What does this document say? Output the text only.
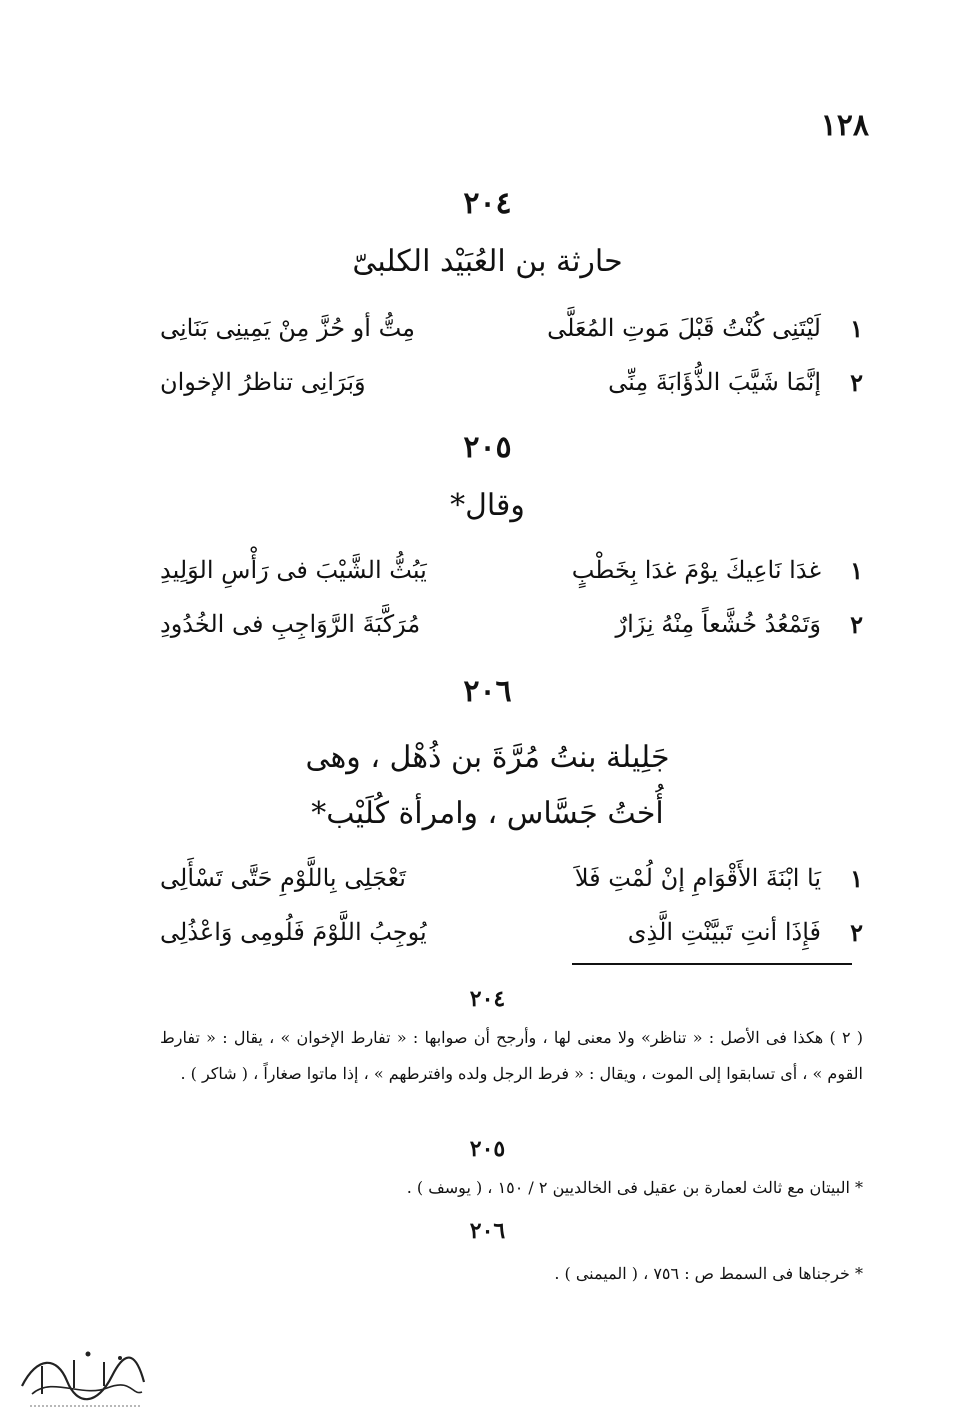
١٢٨
٢٠٤
حارثة بن العُبَيْد الكلبىّ
١
لَيْتَنِى كُنْتُ قَبْلَ مَوتِ المُعَلَّى
مِتُّ أو حُزَّ مِنْ يَمِينِى بَنَانِى
٢
إنَّمَا شَيَّبَ الذُّؤَابَةَ مِنِّى
وَبَرَانِى تناظرُ الإخوان
٢٠٥
وقال*
١
غدَا نَاعِيكَ يوْمَ غدَا بِخَطْبٍ
يَبُثُّ الشَّيْبَ فى رَأْسِ الوَلِيدِ
٢
وَتَمْعُدُ خُشَّعاً مِنْهُ نِزَارٌ
مُرَكَّبَةَ الرَّوَاجِبِ فى الخُدُودِ
٢٠٦
جَلِيلة بنتُ مُرَّةَ بن ذُهْل ، وهى
أُختُ جَسَّاس ، وامرأة كُلَيْب*
١
يَا ابْنَةَ الأَقْوَامِ إنْ لُمْتِ فَلاَ
تَعْجَلِى بِاللَّوْمِ حَتَّى تَسْأَلِى
٢
فَإِذَا أنتِ تَبيَّنْتِ الَّذِى
يُوجِبُ اللَّوْمَ فَلُومِى وَاعْذُلِى
٢٠٤
( ٢ ) هكذا فى الأصل : « تناظر» ولا معنى لها ، وأرجح أن صوابها : « تفارط الإخوان » ، يقال : « تفارط القوم » ، أى تسابقوا إلى الموت ، ويقال : « فرط الرجل ولده وافترطهم » ، إذا ماتوا صغاراً ، ( شاكر ) .
٢٠٥
* البيتان مع ثالث لعمارة بن عقيل فى الخالديين ٢ / ١٥٠ ، ( يوسف ) .
٢٠٦
* خرجناها فى السمط ص : ٧٥٦ ، ( الميمنى ) .
